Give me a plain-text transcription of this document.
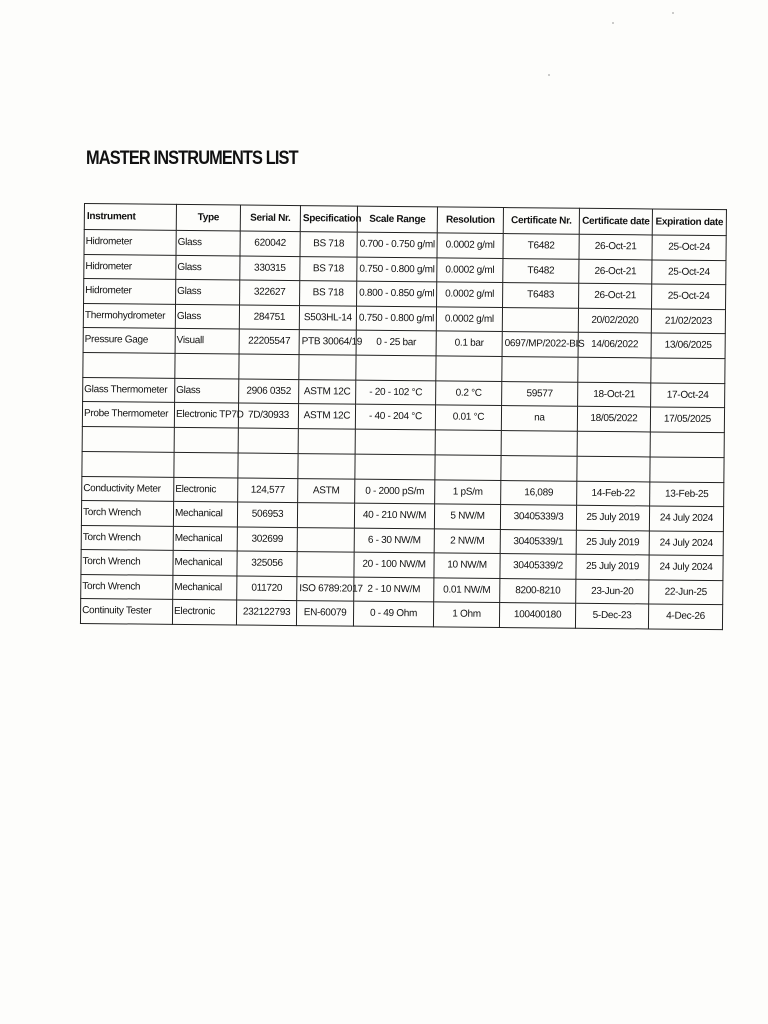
MASTER INSTRUMENTS LIST
Instrument	Type	Serial Nr.	Specification	Scale Range	Resolution	Certificate Nr.	Certificate date	Expiration date
Hidrometer	Glass	620042	BS 718	0.700 - 0.750 g/ml	0.0002 g/ml	T6482	26-Oct-21	25-Oct-24
Hidrometer	Glass	330315	BS 718	0.750 - 0.800 g/ml	0.0002 g/ml	T6482	26-Oct-21	25-Oct-24
Hidrometer	Glass	322627	BS 718	0.800 - 0.850 g/ml	0.0002 g/ml	T6483	26-Oct-21	25-Oct-24
Thermohydrometer	Glass	284751	S503HL-14	0.750 - 0.800 g/ml	0.0002 g/ml		20/02/2020	21/02/2023
Pressure Gage	Visuall	22205547	PTB 30064/19	0 - 25 bar	0.1 bar	0697/MP/2022-BIS	14/06/2022	13/06/2025

Glass Thermometer	Glass	2906 0352	ASTM 12C	- 20 - 102 °C	0.2 °C	59577	18-Oct-21	17-Oct-24
Probe Thermometer	Electronic TP7D	7D/30933	ASTM 12C	- 40 - 204 °C	0.01 °C	na	18/05/2022	17/05/2025

Conductivity Meter	Electronic	124,577	ASTM	0 - 2000 pS/m	1 pS/m	16,089	14-Feb-22	13-Feb-25
Torch Wrench	Mechanical	506953		40 - 210 NW/M	5 NW/M	30405339/3	25 July 2019	24 July 2024
Torch Wrench	Mechanical	302699		6 - 30 NW/M	2 NW/M	30405339/1	25 July 2019	24 July 2024
Torch Wrench	Mechanical	325056		20 - 100 NW/M	10 NW/M	30405339/2	25 July 2019	24 July 2024
Torch Wrench	Mechanical	011720	ISO 6789:2017	2 - 10 NW/M	0.01 NW/M	8200-8210	23-Jun-20	22-Jun-25
Continuity Tester	Electronic	232122793	EN-60079	0 - 49 Ohm	1 Ohm	100400180	5-Dec-23	4-Dec-26
